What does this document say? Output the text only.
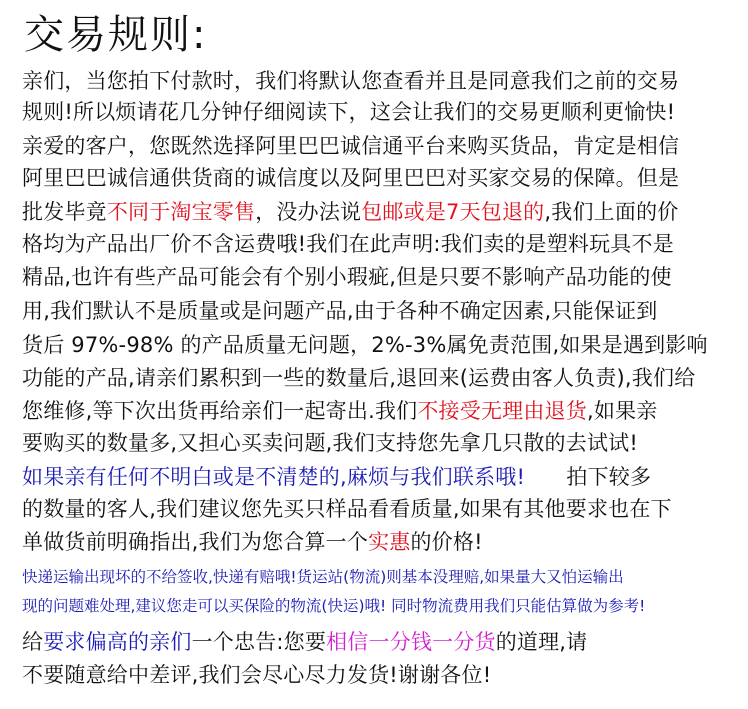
交易规则:
亲们，当您拍下付款时，我们将默认您查看并且是同意我们之前的交易
规则!所以烦请花几分钟仔细阅读下，这会让我们的交易更顺利更愉快!
亲爱的客户，您既然选择阿里巴巴诚信通平台来购买货品，肯定是相信
阿里巴巴诚信通供货商的诚信度以及阿里巴巴对买家交易的保障。但是
批发毕竟不同于淘宝零售，没办法说包邮或是7天包退的,我们上面的价
格均为产品出厂价不含运费哦!我们在此声明:我们卖的是塑料玩具不是
精品,也许有些产品可能会有个别小瑕疵,但是只要不影响产品功能的使
用,我们默认不是质量或是问题产品,由于各种不确定因素,只能保证到
货后 97%-98% 的产品质量无问题，2%-3%属免责范围,如果是遇到影响
功能的产品,请亲们累积到一些的数量后,退回来(运费由客人负责),我们给
您维修,等下次出货再给亲们一起寄出.我们不接受无理由退货,如果亲
要购买的数量多,又担心买卖问题,我们支持您先拿几只散的去试试!
如果亲有任何不明白或是不清楚的,麻烦与我们联系哦!      拍下较多
的数量的客人,我们建议您先买只样品看看质量,如果有其他要求也在下
单做货前明确指出,我们为您合算一个实惠的价格!
快递运输出现坏的不给签收,快递有赔哦!货运站(物流)则基本没理赔,如果量大又怕运输出
现的问题难处理,建议您走可以买保险的物流(快运)哦! 同时物流费用我们只能估算做为参考!
给要求偏高的亲们一个忠告:您要相信一分钱一分货的道理,请
不要随意给中差评,我们会尽心尽力发货!谢谢各位!
